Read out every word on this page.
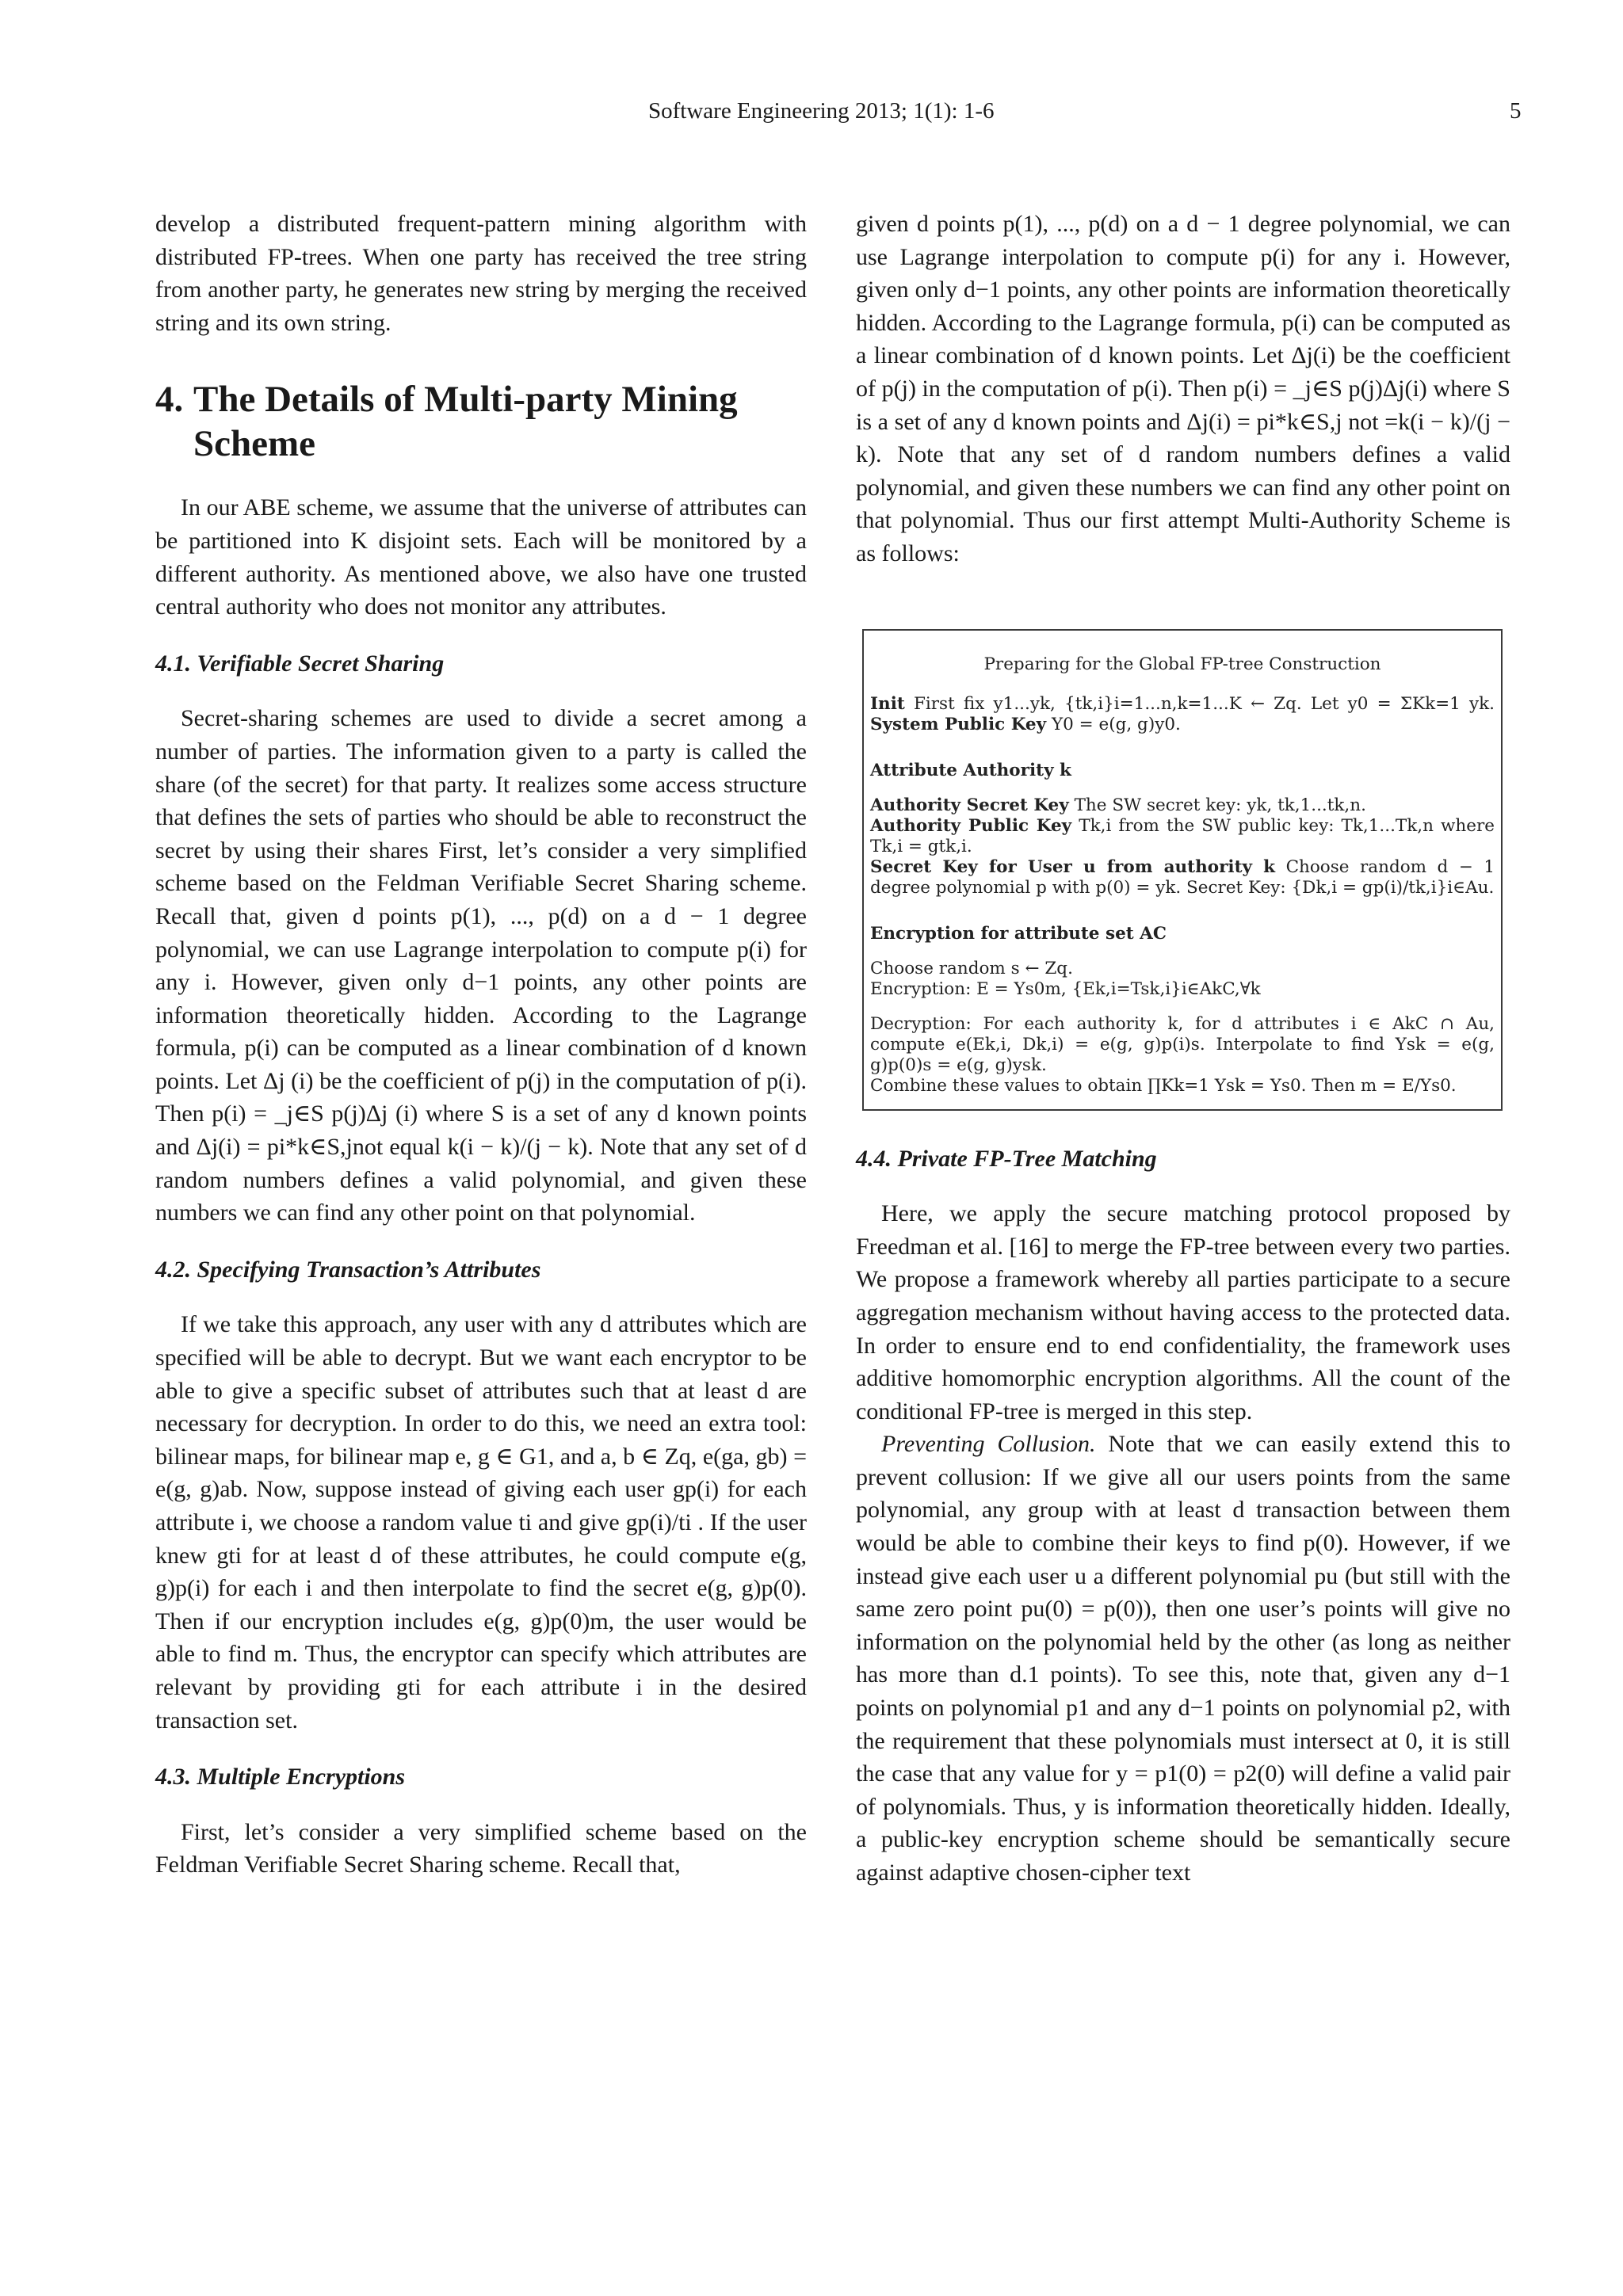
Software Engineering 2013; 1(1): 1-6	5

develop a distributed frequent-pattern mining algorithm with distributed FP-trees. When one party has received the tree string from another party, he generates new string by merging the received string and its own string.

4. The Details of Multi-party Mining
Scheme

In our ABE scheme, we assume that the universe of attributes can be partitioned into K disjoint sets. Each will be monitored by a different authority. As mentioned above, we also have one trusted central authority who does not monitor any attributes.

4.1. Verifiable Secret Sharing

Secret-sharing schemes are used to divide a secret among a number of parties. The information given to a party is called the share (of the secret) for that party. It realizes some access structure that defines the sets of parties who should be able to reconstruct the secret by using their shares First, let’s consider a very simplified scheme based on the Feldman Verifiable Secret Sharing scheme. Recall that, given d points p(1), ..., p(d) on a d − 1 degree polynomial, we can use Lagrange interpolation to compute p(i) for any i. However, given only d−1 points, any other points are information theoretically hidden. According to the Lagrange formula, p(i) can be computed as a linear combination of d known points. Let Δj (i) be the coefficient of p(j) in the computation of p(i). Then p(i) = _j∈S p(j)Δj (i) where S is a set of any d known points and Δj(i) = pi*k∈S,jnot equal k(i − k)/(j − k). Note that any set of d random numbers defines a valid polynomial, and given these numbers we can find any other point on that polynomial.

4.2. Specifying Transaction’s Attributes

If we take this approach, any user with any d attributes which are specified will be able to decrypt. But we want each encryptor to be able to give a specific subset of attributes such that at least d are necessary for decryption. In order to do this, we need an extra tool: bilinear maps, for bilinear map e, g ∈ G1, and a, b ∈ Zq, e(ga, gb) = e(g, g)ab. Now, suppose instead of giving each user gp(i) for each attribute i, we choose a random value ti and give gp(i)/ti . If the user knew gti for at least d of these attributes, he could compute e(g, g)p(i) for each i and then interpolate to find the secret e(g, g)p(0). Then if our encryption includes e(g, g)p(0)m, the user would be able to find m. Thus, the encryptor can specify which attributes are relevant by providing gti for each attribute i in the desired transaction set.

4.3. Multiple Encryptions

First, let’s consider a very simplified scheme based on the Feldman Verifiable Secret Sharing scheme. Recall that,

given d points p(1), ..., p(d) on a d − 1 degree polynomial, we can use Lagrange interpolation to compute p(i) for any i. However, given only d−1 points, any other points are information theoretically hidden. According to the Lagrange formula, p(i) can be computed as a linear combination of d known points. Let Δj(i) be the coefficient of p(j) in the computation of p(i). Then p(i) = _j∈S p(j)Δj(i) where S is a set of any d known points and Δj(i) = pi*k∈S,j not =k(i − k)/(j − k). Note that any set of d random numbers defines a valid polynomial, and given these numbers we can find any other point on that polynomial. Thus our first attempt Multi-Authority Scheme is as follows:

Preparing for the Global FP-tree Construction

Init First fix y1...yk, {tk,i}i=1...n,k=1...K ← Zq. Let y0 = ΣKk=1 yk. System Public Key Y0 = e(g, g)y0.

Attribute Authority k

Authority Secret Key The SW secret key: yk, tk,1...tk,n.

Authority Public Key Tk,i from the SW public key: Tk,1...Tk,n where Tk,i = gtk,i.

Secret Key for User u from authority k Choose random d − 1 degree polynomial p with p(0) = yk. Secret Key: {Dk,i = gp(i)/tk,i}i∈Au.

Encryption for attribute set AC

Choose random s ← Zq.

Encryption: E = Ys0m, {Ek,i=Tsk,i}i∈AkC,∀k

Decryption: For each authority k, for d attributes i ∈ AkC ∩ Au, compute e(Ek,i, Dk,i) = e(g, g)p(i)s. Interpolate to find Ysk = e(g, g)p(0)s = e(g, g)ysk.

Combine these values to obtain ∏Kk=1 Ysk = Ys0. Then m = E/Ys0.

4.4. Private FP-Tree Matching

Here, we apply the secure matching protocol proposed by Freedman et al. [16] to merge the FP-tree between every two parties. We propose a framework whereby all parties participate to a secure aggregation mechanism without having access to the protected data. In order to ensure end to end confidentiality, the framework uses additive homomorphic encryption algorithms. All the count of the conditional FP-tree is merged in this step.

Preventing Collusion. Note that we can easily extend this to prevent collusion: If we give all our users points from the same polynomial, any group with at least d transaction between them would be able to combine their keys to find p(0). However, if we instead give each user u a different polynomial pu (but still with the same zero point pu(0) = p(0)), then one user’s points will give no information on the polynomial held by the other (as long as neither has more than d.1 points). To see this, note that, given any d−1 points on polynomial p1 and any d−1 points on polynomial p2, with the requirement that these polynomials must intersect at 0, it is still the case that any value for y = p1(0) = p2(0) will define a valid pair of polynomials. Thus, y is information theoretically hidden. Ideally, a public-key encryption scheme should be semantically secure against adaptive chosen-cipher text
